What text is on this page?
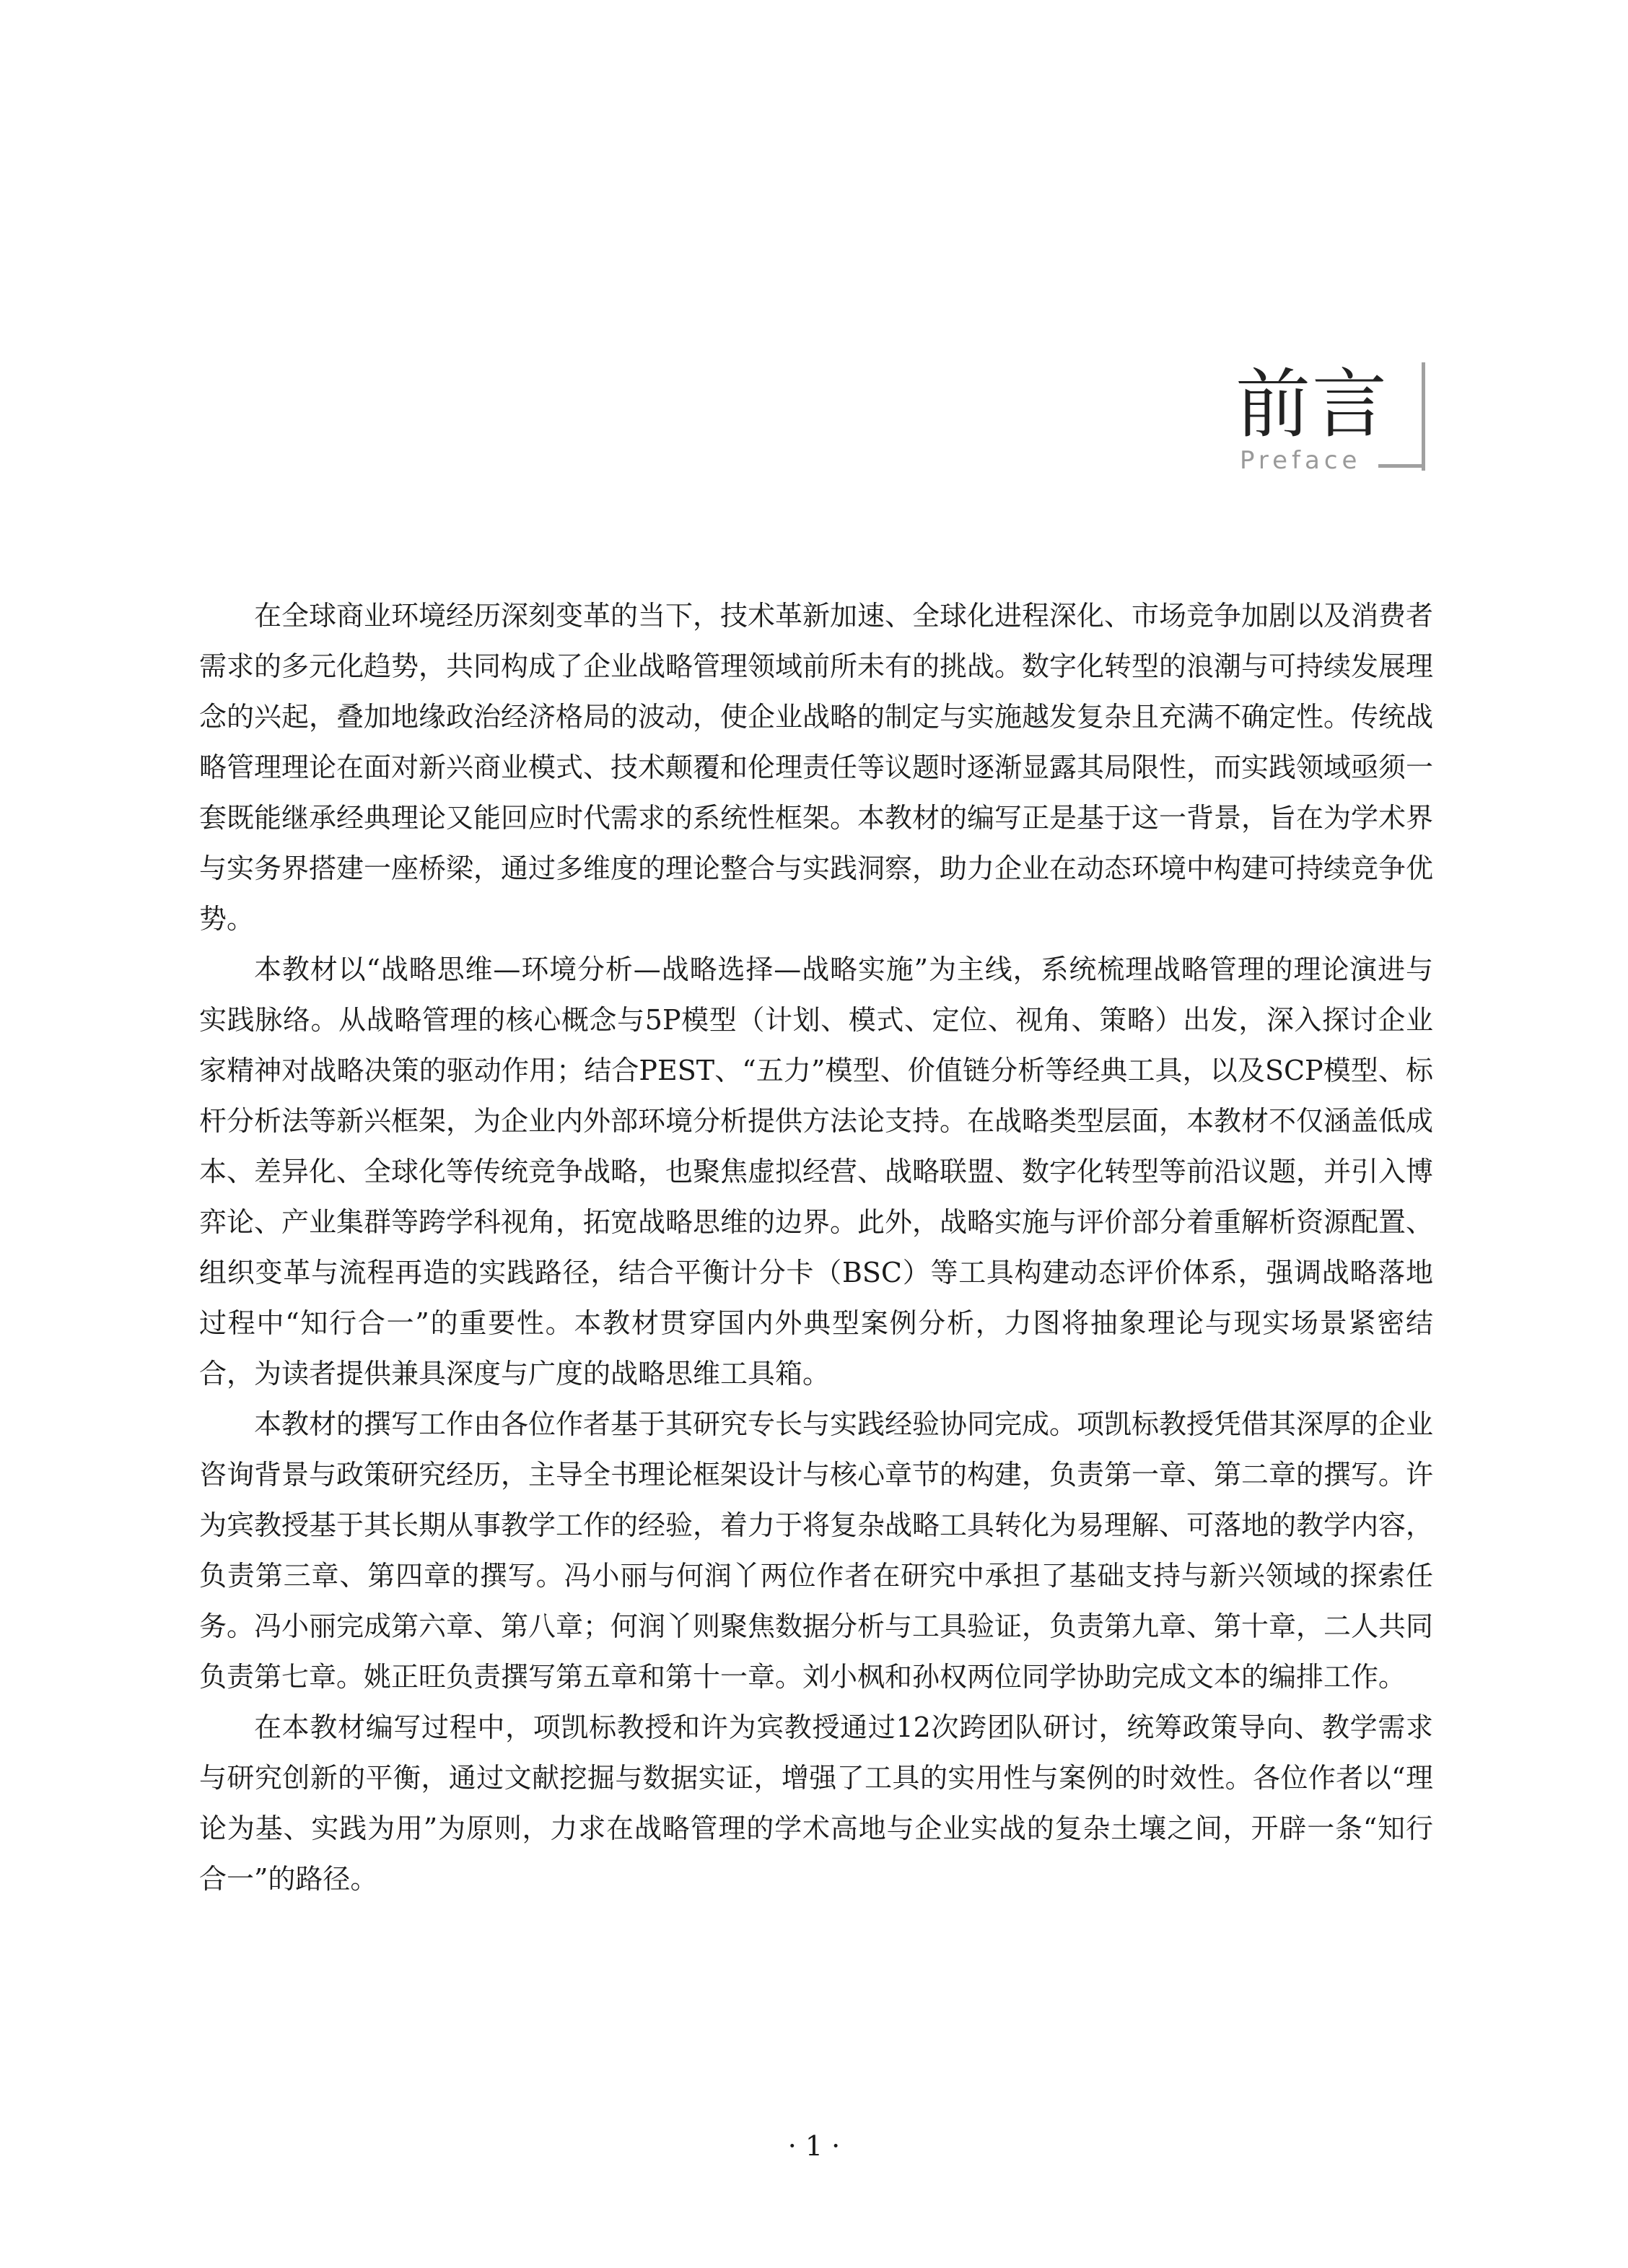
前言
Preface

在全球商业环境经历深刻变革的当下，技术革新加速、全球化进程深化、市场竞争加剧以及消费者需求的多元化趋势，共同构成了企业战略管理领域前所未有的挑战。数字化转型的浪潮与可持续发展理念的兴起，叠加地缘政治经济格局的波动，使企业战略的制定与实施越发复杂且充满不确定性。传统战略管理理论在面对新兴商业模式、技术颠覆和伦理责任等议题时逐渐显露其局限性，而实践领域亟须一套既能继承经典理论又能回应时代需求的系统性框架。本教材的编写正是基于这一背景，旨在为学术界与实务界搭建一座桥梁，通过多维度的理论整合与实践洞察，助力企业在动态环境中构建可持续竞争优势。

本教材以“战略思维—环境分析—战略选择—战略实施”为主线，系统梳理战略管理的理论演进与实践脉络。从战略管理的核心概念与5P模型（计划、模式、定位、视角、策略）出发，深入探讨企业家精神对战略决策的驱动作用；结合PEST、“五力”模型、价值链分析等经典工具，以及SCP模型、标杆分析法等新兴框架，为企业内外部环境分析提供方法论支持。在战略类型层面，本教材不仅涵盖低成本、差异化、全球化等传统竞争战略，也聚焦虚拟经营、战略联盟、数字化转型等前沿议题，并引入博弈论、产业集群等跨学科视角，拓宽战略思维的边界。此外，战略实施与评价部分着重解析资源配置、组织变革与流程再造的实践路径，结合平衡计分卡（BSC）等工具构建动态评价体系，强调战略落地过程中“知行合一”的重要性。本教材贯穿国内外典型案例分析，力图将抽象理论与现实场景紧密结合，为读者提供兼具深度与广度的战略思维工具箱。

本教材的撰写工作由各位作者基于其研究专长与实践经验协同完成。项凯标教授凭借其深厚的企业咨询背景与政策研究经历，主导全书理论框架设计与核心章节的构建，负责第一章、第二章的撰写。许为宾教授基于其长期从事教学工作的经验，着力于将复杂战略工具转化为易理解、可落地的教学内容，负责第三章、第四章的撰写。冯小丽与何润丫两位作者在研究中承担了基础支持与新兴领域的探索任务。冯小丽完成第六章、第八章；何润丫则聚焦数据分析与工具验证，负责第九章、第十章，二人共同负责第七章。姚正旺负责撰写第五章和第十一章。刘小枫和孙权两位同学协助完成文本的编排工作。

在本教材编写过程中，项凯标教授和许为宾教授通过12次跨团队研讨，统筹政策导向、教学需求与研究创新的平衡，通过文献挖掘与数据实证，增强了工具的实用性与案例的时效性。各位作者以“理论为基、实践为用”为原则，力求在战略管理的学术高地与企业实战的复杂土壤之间，开辟一条“知行合一”的路径。

· 1 ·
